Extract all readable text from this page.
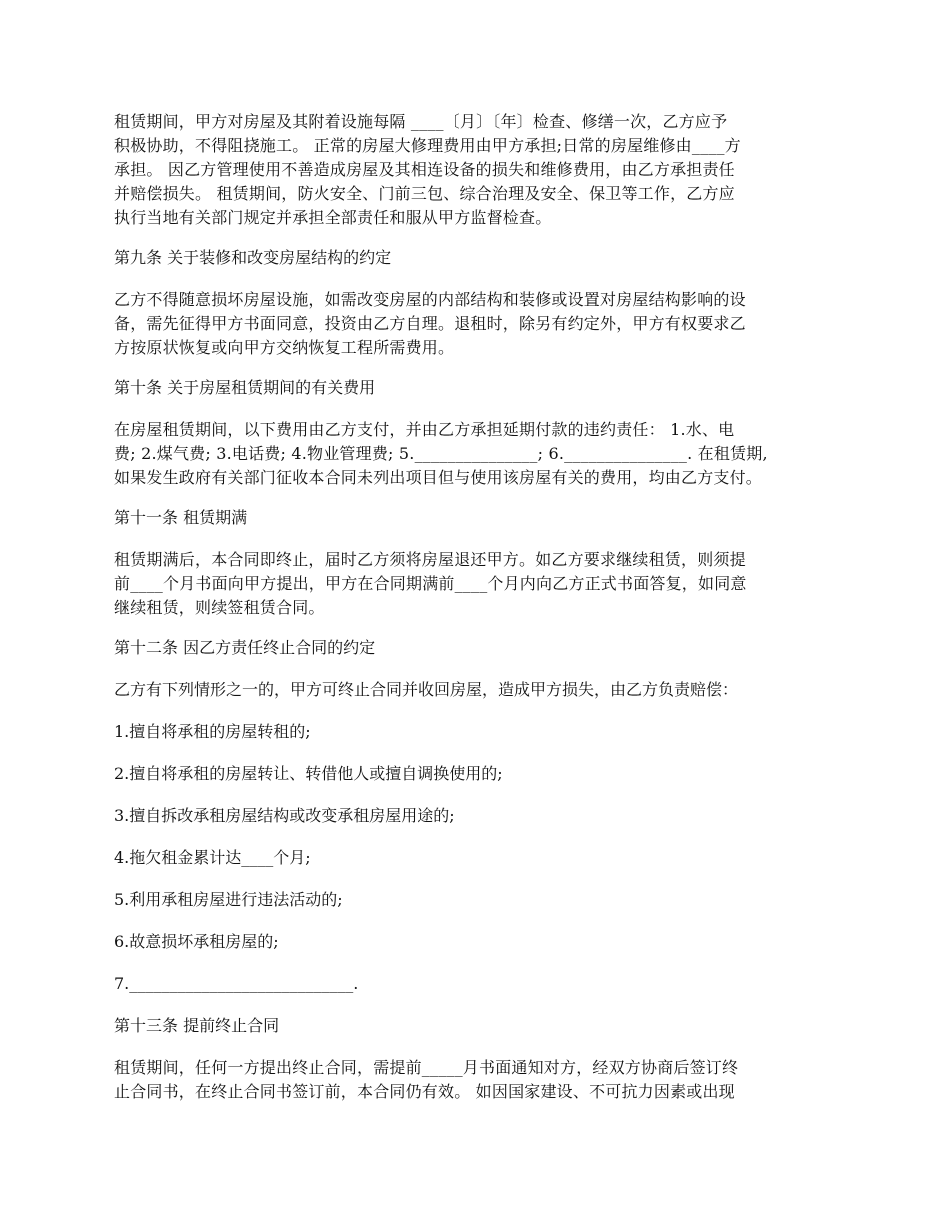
租赁期间，甲方对房屋及其附着设施每隔 ____〔月〕〔年〕检查、修缮一次，乙方应予
积极协助，不得阻挠施工。 正常的房屋大修理费用由甲方承担;日常的房屋维修由____方
承担。 因乙方管理使用不善造成房屋及其相连设备的损失和维修费用，由乙方承担责任
并赔偿损失。 租赁期间，防火安全、门前三包、综合治理及安全、保卫等工作，乙方应
执行当地有关部门规定并承担全部责任和服从甲方监督检查。

第九条 关于装修和改变房屋结构的约定

乙方不得随意损坏房屋设施，如需改变房屋的内部结构和装修或设置对房屋结构影响的设
备，需先征得甲方书面同意，投资由乙方自理。退租时，除另有约定外，甲方有权要求乙
方按原状恢复或向甲方交纳恢复工程所需费用。

第十条 关于房屋租赁期间的有关费用

在房屋租赁期间，以下费用由乙方支付，并由乙方承担延期付款的违约责任： 1.水、电
费; 2.煤气费; 3.电话费; 4.物业管理费; 5._______________; 6._______________. 在租赁期,
如果发生政府有关部门征收本合同未列出项目但与使用该房屋有关的费用，均由乙方支付。

第十一条 租赁期满

租赁期满后，本合同即终止，届时乙方须将房屋退还甲方。如乙方要求继续租赁，则须提
前____个月书面向甲方提出，甲方在合同期满前____个月内向乙方正式书面答复，如同意
继续租赁，则续签租赁合同。

第十二条 因乙方责任终止合同的约定
乙方有下列情形之一的，甲方可终止合同并收回房屋，造成甲方损失，由乙方负责赔偿：
1.擅自将承租的房屋转租的;
2.擅自将承租的房屋转让、转借他人或擅自调换使用的;
3.擅自拆改承租房屋结构或改变承租房屋用途的;
4.拖欠租金累计达____个月;
5.利用承租房屋进行违法活动的;
6.故意损坏承租房屋的;
7.____________________________.
第十三条 提前终止合同

租赁期间，任何一方提出终止合同，需提前_____月书面通知对方，经双方协商后签订终
止合同书，在终止合同书签订前，本合同仍有效。 如因国家建设、不可抗力因素或出现
